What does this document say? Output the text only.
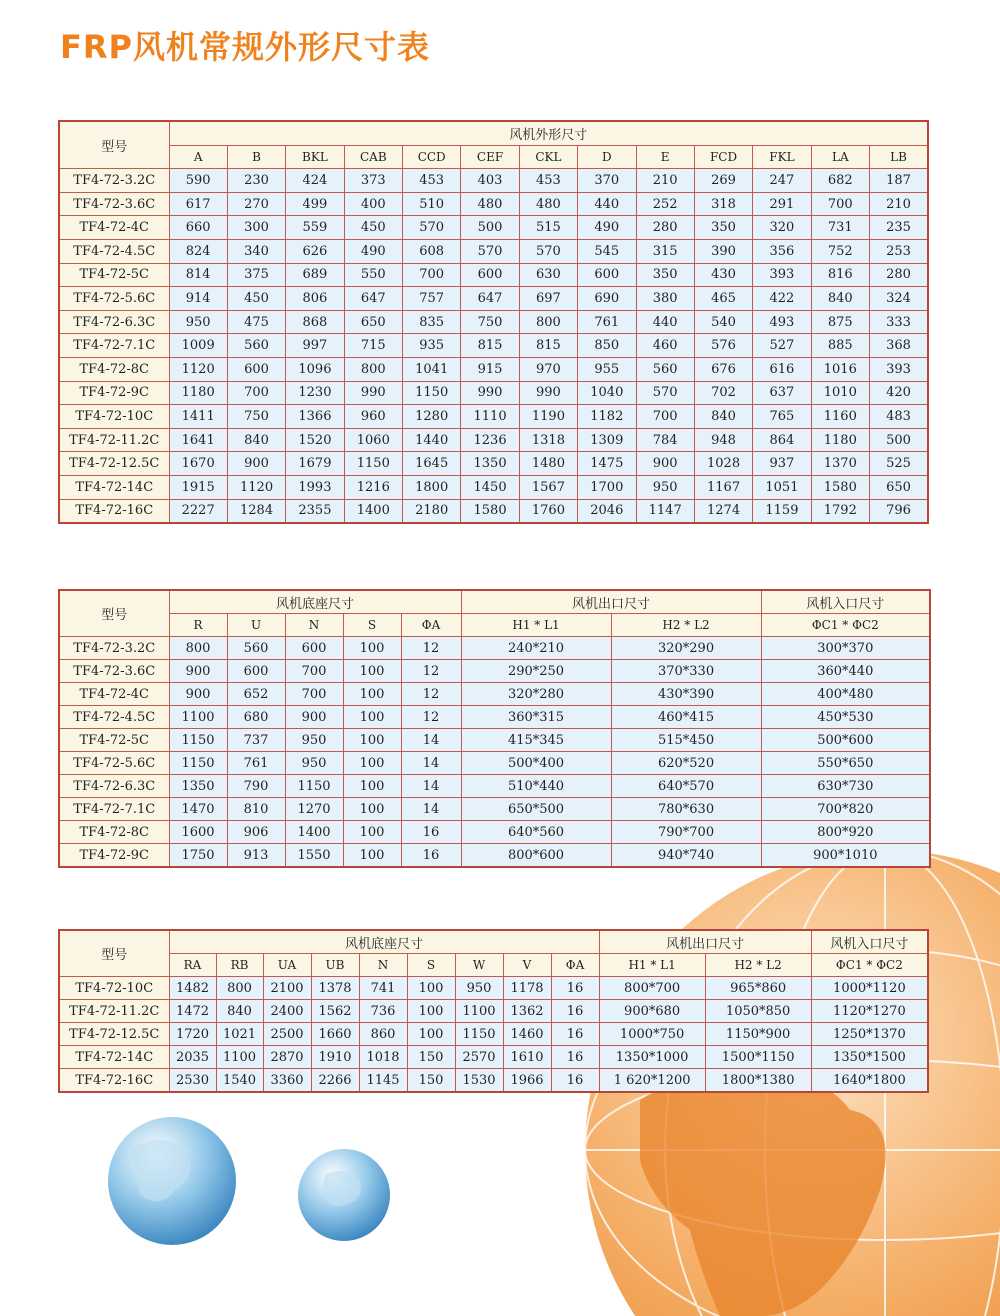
FRP风机常规外形尺寸表
型号	风机外形尺寸												
	A	B	BKL	CAB	CCD	CEF	CKL	D	E	FCD	FKL	LA	LB
TF4-72-3.2C	590	230	424	373	453	403	453	370	210	269	247	682	187
TF4-72-3.6C	617	270	499	400	510	480	480	440	252	318	291	700	210
TF4-72-4C	660	300	559	450	570	500	515	490	280	350	320	731	235
TF4-72-4.5C	824	340	626	490	608	570	570	545	315	390	356	752	253
TF4-72-5C	814	375	689	550	700	600	630	600	350	430	393	816	280
TF4-72-5.6C	914	450	806	647	757	647	697	690	380	465	422	840	324
TF4-72-6.3C	950	475	868	650	835	750	800	761	440	540	493	875	333
TF4-72-7.1C	1009	560	997	715	935	815	815	850	460	576	527	885	368
TF4-72-8C	1120	600	1096	800	1041	915	970	955	560	676	616	1016	393
TF4-72-9C	1180	700	1230	990	1150	990	990	1040	570	702	637	1010	420
TF4-72-10C	1411	750	1366	960	1280	1110	1190	1182	700	840	765	1160	483
TF4-72-11.2C	1641	840	1520	1060	1440	1236	1318	1309	784	948	864	1180	500
TF4-72-12.5C	1670	900	1679	1150	1645	1350	1480	1475	900	1028	937	1370	525
TF4-72-14C	1915	1120	1993	1216	1800	1450	1567	1700	950	1167	1051	1580	650
TF4-72-16C	2227	1284	2355	1400	2180	1580	1760	2046	1147	1274	1159	1792	796
型号	风机底座尺寸					风机出口尺寸		风机入口尺寸
	R	U	N	S	ΦA	H1 * L1	H2 * L2	ΦC1 * ΦC2
TF4-72-3.2C	800	560	600	100	12	240*210	320*290	300*370
TF4-72-3.6C	900	600	700	100	12	290*250	370*330	360*440
TF4-72-4C	900	652	700	100	12	320*280	430*390	400*480
TF4-72-4.5C	1100	680	900	100	12	360*315	460*415	450*530
TF4-72-5C	1150	737	950	100	14	415*345	515*450	500*600
TF4-72-5.6C	1150	761	950	100	14	500*400	620*520	550*650
TF4-72-6.3C	1350	790	1150	100	14	510*440	640*570	630*730
TF4-72-7.1C	1470	810	1270	100	14	650*500	780*630	700*820
TF4-72-8C	1600	906	1400	100	16	640*560	790*700	800*920
TF4-72-9C	1750	913	1550	100	16	800*600	940*740	900*1010
型号	风机底座尺寸									风机出口尺寸		风机入口尺寸
	RA	RB	UA	UB	N	S	W	V	ΦA	H1 * L1	H2 * L2	ΦC1 * ΦC2
TF4-72-10C	1482	800	2100	1378	741	100	950	1178	16	800*700	965*860	1000*1120
TF4-72-11.2C	1472	840	2400	1562	736	100	1100	1362	16	900*680	1050*850	1120*1270
TF4-72-12.5C	1720	1021	2500	1660	860	100	1150	1460	16	1000*750	1150*900	1250*1370
TF4-72-14C	2035	1100	2870	1910	1018	150	2570	1610	16	1350*1000	1500*1150	1350*1500
TF4-72-16C	2530	1540	3360	2266	1145	150	1530	1966	16	1 620*1200	1800*1380	1640*1800
